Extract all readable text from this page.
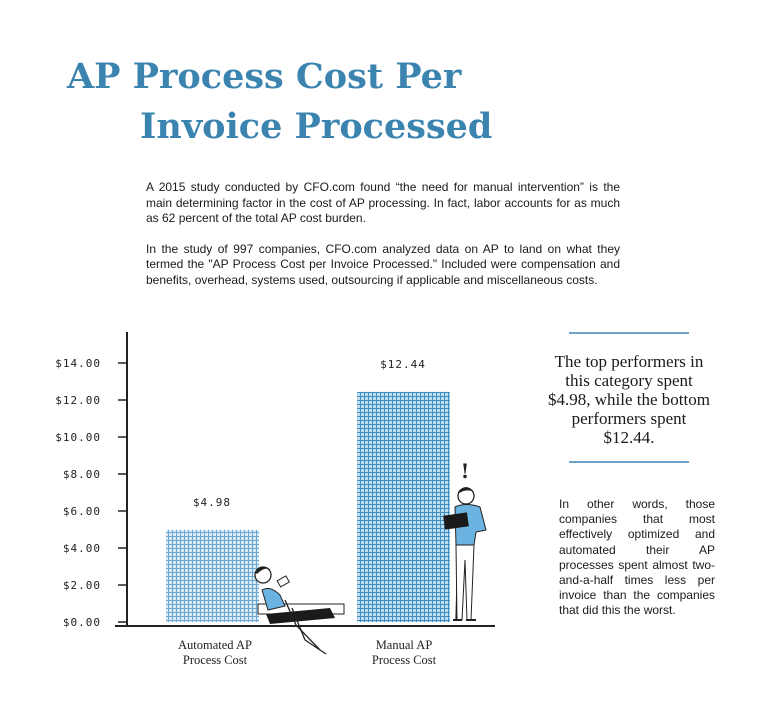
AP Process Cost Per
Invoice Processed

A 2015 study conducted by CFO.com found “the need for manual intervention” is the main determining factor in the cost of AP processing. In fact, labor accounts for as much as 62 percent of the total AP cost burden.

In the study of 997 companies, CFO.com analyzed data on AP to land on what they termed the "AP Process Cost per Invoice Processed." Included were compensation and benefits, overhead, systems used, outsourcing if applicable and miscellaneous costs.

$0.00
$2.00
$4.00
$6.00
$8.00
$10.00
$12.00
$14.00
$4.98
$12.44
Automated AP
Process Cost
Manual AP
Process Cost
!
The top performers in this category spent $4.98, while the bottom performers spent $12.44.
In other words, those companies that most effectively optimized and automated their AP processes spent almost two-and-a-half times less per invoice than the companies that did this the worst.
